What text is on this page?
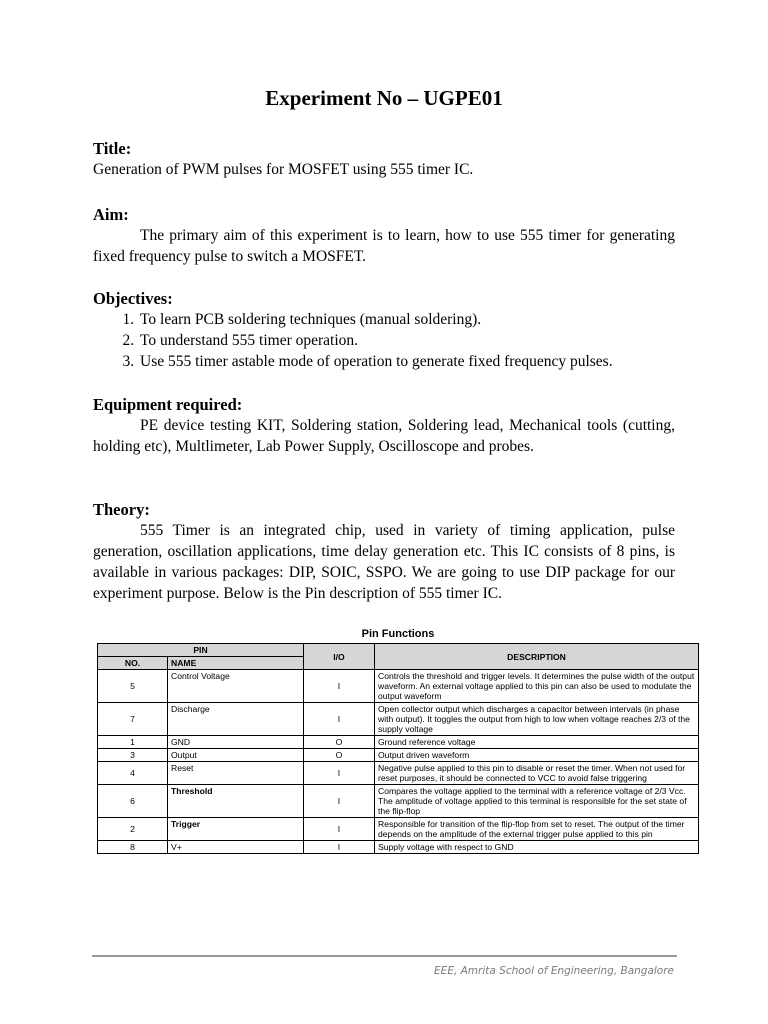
Experiment No – UGPE01

Title:

Generation of PWM pulses for MOSFET using 555 timer IC.

Aim:

The primary aim of this experiment is to learn, how to use 555 timer for generating fixed frequency pulse to switch a MOSFET.

Objectives:

1. To learn PCB soldering techniques (manual soldering).
2. To understand 555 timer operation.
3. Use 555 timer astable mode of operation to generate fixed frequency pulses.

Equipment required:

PE device testing KIT, Soldering station, Soldering lead, Mechanical tools (cutting, holding etc), Multlimeter, Lab Power Supply, Oscilloscope and probes.

Theory:

555 Timer is an integrated chip, used in variety of timing application, pulse generation, oscillation applications, time delay generation etc. This IC consists of 8 pins, is available in various packages: DIP, SOIC, SSPO. We are going to use DIP package for our experiment purpose. Below is the Pin description of 555 timer IC.

Pin Functions
PIN		I/O	DESCRIPTION
NO.	NAME		
5	Control Voltage	I	Controls the threshold and trigger levels. It determines the pulse width of the output waveform. An external voltage applied to this pin can also be used to modulate the output waveform
7	Discharge	I	Open collector output which discharges a capacitor between intervals (in phase with output). It toggles the output from high to low when voltage reaches 2/3 of the supply voltage
1	GND	O	Ground reference voltage
3	Output	O	Output driven waveform
4	Reset	I	Negative pulse applied to this pin to disable or reset the timer. When not used for reset purposes, it should be connected to VCC to avoid false triggering
6	Threshold	I	Compares the voltage applied to the terminal with a reference voltage of 2/3 Vcc. The amplitude of voltage applied to this terminal is responsible for the set state of the flip-flop
2	Trigger	I	Responsible for transition of the flip-flop from set to reset. The output of the timer depends on the amplitude of the external trigger pulse applied to this pin
8	V+	I	Supply voltage with respect to GND
EEE, Amrita School of Engineering, Bangalore
